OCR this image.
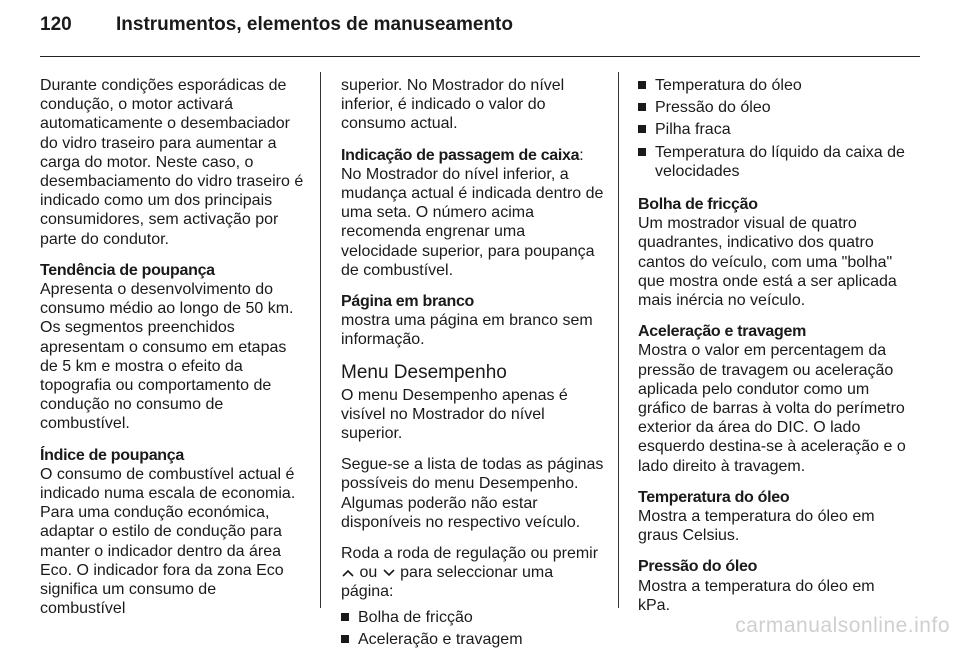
120	Instrumentos, elementos de manuseamento

Durante condições esporádicas de condução, o motor activará automaticamente o desembaciador do vidro traseiro para aumentar a carga do motor. Neste caso, o desembaciamento do vidro traseiro é indicado como um dos principais consumidores, sem activação por parte do condutor.

Tendência de poupança

Apresenta o desenvolvimento do consumo médio ao longo de 50 km. Os segmentos preenchidos apresentam o consumo em etapas de 5 km e mostra o efeito da topografia ou comportamento de condução no consumo de combustível.

Índice de poupança

O consumo de combustível actual é indicado numa escala de economia. Para uma condução económica, adaptar o estilo de condução para manter o indicador dentro da área Eco. O indicador fora da zona Eco significa um consumo de combustível

superior. No Mostrador do nível inferior, é indicado o valor do consumo actual.

Indicação de passagem de caixa: No Mostrador do nível inferior, a mudança actual é indicada dentro de uma seta. O número acima recomenda engrenar uma velocidade superior, para poupança de combustível.

Página em branco

mostra uma página em branco sem informação.

Menu Desempenho

O menu Desempenho apenas é visível no Mostrador do nível superior.

Segue-se a lista de todas as páginas possíveis do menu Desempenho. Algumas poderão não estar disponíveis no respectivo veículo.

Roda a roda de regulação ou premir
ou para seleccionar uma página:

Bolha de fricção
Aceleração e travagem
Temperatura do óleo
Pressão do óleo
Pilha fraca
Temperatura do líquido da caixa de velocidades
Bolha de fricção

Um mostrador visual de quatro quadrantes, indicativo dos quatro cantos do veículo, com uma "bolha" que mostra onde está a ser aplicada mais inércia no veículo.

Aceleração e travagem

Mostra o valor em percentagem da pressão de travagem ou aceleração aplicada pelo condutor como um gráfico de barras à volta do perímetro exterior da área do DIC. O lado esquerdo destina-se à aceleração e o lado direito à travagem.

Temperatura do óleo

Mostra a temperatura do óleo em graus Celsius.

Pressão do óleo

Mostra a temperatura do óleo em kPa.

carmanualsonline.info
